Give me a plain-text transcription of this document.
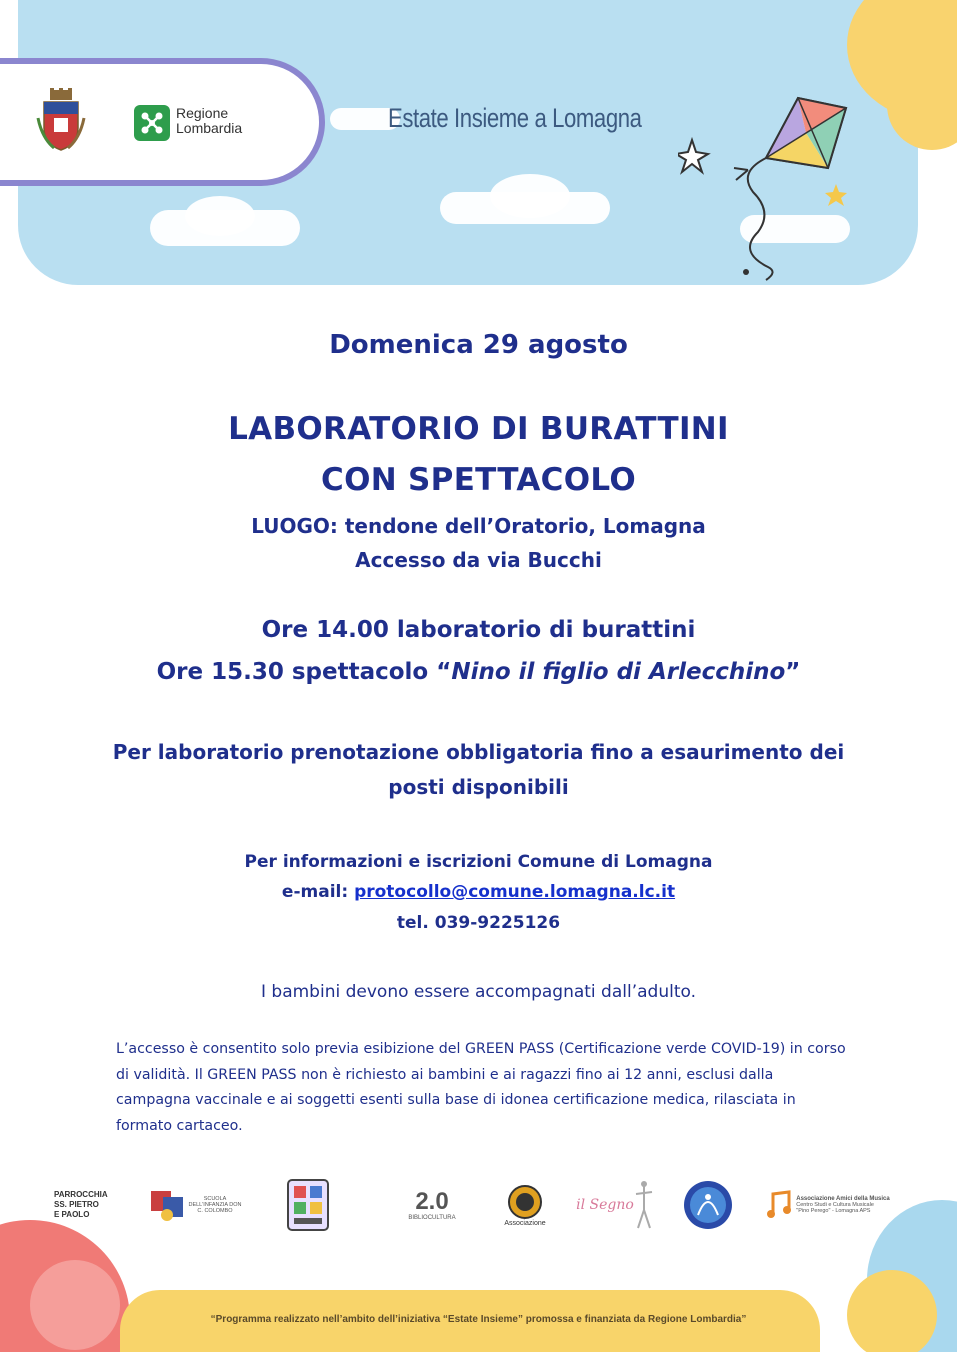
Regione
Lombardia	Estate Insieme a Lomagna
Domenica 29 agosto
LABORATORIO DI BURATTINI
CON SPETTACOLO
LUOGO: tendone dell’Oratorio, Lomagna
Accesso da via Bucchi
Ore 14.00 laboratorio di burattini
Ore 15.30 spettacolo “Nino il figlio di Arlecchino”
Per laboratorio prenotazione obbligatoria fino a esaurimento dei
posti disponibili
Per informazioni e iscrizioni Comune di Lomagna
e-mail: protocollo@comune.lomagna.lc.it
tel. 039-9225126
I bambini devono essere accompagnati dall’adulto.
L’accesso è consentito solo previa esibizione del GREEN PASS (Certificazione verde COVID-19) in corso di validità. Il GREEN PASS non è richiesto ai bambini e ai ragazzi fino ai 12 anni, esclusi dalla campagna vaccinale e ai soggetti esenti sulla base di idonea certificazione medica, rilasciata in formato cartaceo.
PARROCCHIA
SS. PIETRO
E PAOLO
SCUOLA DELL'INFANZIA DON C. COLOMBO	2.0
BIBLIOCULTURA
Associazione
il Segno	Associazione Amici della Musica
Centro Studi e Cultura Musicale
"Pino Perego" - Lomagna APS
“Programma realizzato nell’ambito dell’iniziativa “Estate Insieme” promossa e finanziata da Regione Lombardia”
